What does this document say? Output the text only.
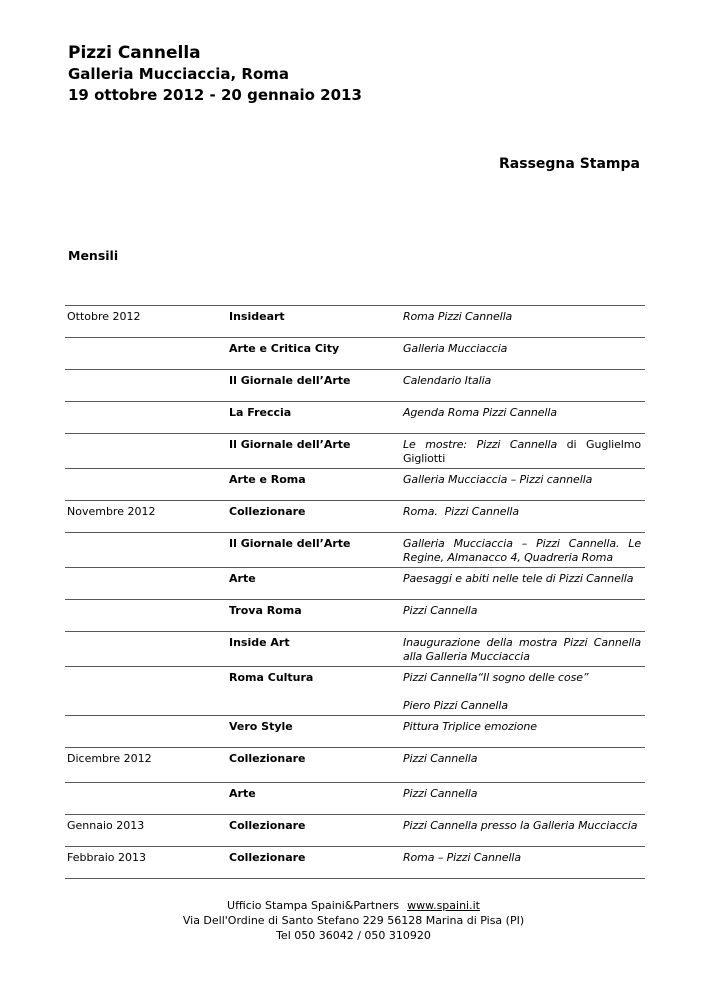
Pizzi Cannella
Galleria Mucciaccia, Roma
19 ottobre 2012 - 20 gennaio 2013
Rassegna Stampa
Mensili
Ottobre 2012	Insideart	Roma Pizzi Cannella

	Arte e Critica City	Galleria Mucciaccia

	Il Giornale dell’Arte	Calendario Italia

	La Freccia	Agenda Roma Pizzi Cannella

	Il Giornale dell’Arte	Le mostre: Pizzi Cannella di Guglielmo Gigliotti

	Arte e Roma	Galleria Mucciaccia – Pizzi cannella

Novembre 2012	Collezionare	Roma.  Pizzi Cannella

	Il Giornale dell’Arte	Galleria Mucciaccia – Pizzi Cannella. Le Regine, Almanacco 4, Quadreria Roma

	Arte	Paesaggi e abiti nelle tele di Pizzi Cannella

	Trova Roma	Pizzi Cannella

	Inside Art	Inaugurazione della mostra Pizzi Cannella alla Galleria Mucciaccia

	Roma Cultura	Pizzi Cannella“Il sogno delle cose”
Piero Pizzi Cannella

	Vero Style	Pittura Triplice emozione

Dicembre 2012	Collezionare	Pizzi Cannella

	Arte	Pizzi Cannella

Gennaio 2013	Collezionare	Pizzi Cannella presso la Galleria Mucciaccia

Febbraio 2013	Collezionare	Roma – Pizzi Cannella
Ufficio Stampa Spaini&Partners www.spaini.it
Via Dell'Ordine di Santo Stefano 229 56128 Marina di Pisa (PI)
Tel 050 36042 / 050 310920
